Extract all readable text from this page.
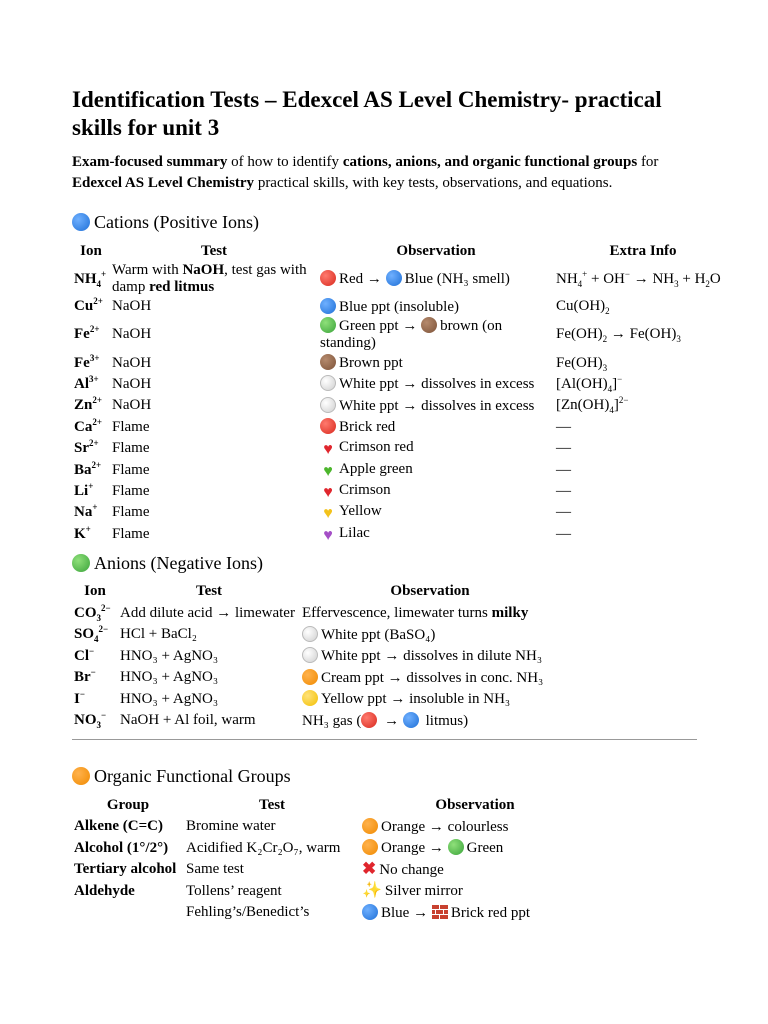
Identification Tests – Edexcel AS Level Chemistry- practical skills for unit 3

Exam-focused summary of how to identify cations, anions, and organic functional groups for Edexcel AS Level Chemistry practical skills, with key tests, observations, and equations.

Cations (Positive Ions)
Ion	Test	Observation	Extra Info
$NH_4^+$	Warm with NaOH, test gas with damp red litmus	Red → Blue (NH₃ smell)	$NH_4^+ + OH^- \to NH_3 + H_2O$
$Cu^{2+}$	NaOH	Blue ppt (insoluble)	$Cu(OH)_2$
$Fe^{2+}$	NaOH	Green ppt → brown (on standing)	$Fe(OH)_2 \to Fe(OH)_3$
$Fe^{3+}$	NaOH	Brown ppt	$Fe(OH)_3$
$Al^{3+}$	NaOH	White ppt → dissolves in excess	$[Al(OH)_4]^-$
$Zn^{2+}$	NaOH	White ppt → dissolves in excess	$[Zn(OH)_4]^{2-}$
$Ca^{2+}$	Flame	Brick red	—
$Sr^{2+}$	Flame	♥ Crimson red	—
$Ba^{2+}$	Flame	♥ Apple green	—
Li+	Flame	♥ Crimson	—
Na+	Flame	♥ Yellow	—
K+	Flame	♥ Lilac	—
Anions (Negative Ions)
Ion	Test	Observation
$CO_3^{2-}$	Add dilute acid → limewater	Effervescence, limewater turns milky
$SO_4^{2-}$	HCl + BaCl₂	White ppt (BaSO₄)
Cl−	HNO₃ + AgNO₃	White ppt → dissolves in dilute NH₃
Br−	HNO₃ + AgNO₃	Cream ppt → dissolves in conc. NH₃
I−	HNO₃ + AgNO₃	Yellow ppt → insoluble in NH₃
$NO_3^-$	NaOH + Al foil, warm	NH₃ gas ( →  litmus)
Organic Functional Groups
Group	Test	Observation
Alkene (C=C)	Bromine water	Orange → colourless
Alcohol (1°/2°)	Acidified K₂Cr₂O₇, warm	Orange → Green
Tertiary alcohol	Same test	✖ No change
Aldehyde	Tollens’ reagent	✨ Silver mirror
	Fehling’s/Benedict’s	Blue → Brick red ppt
